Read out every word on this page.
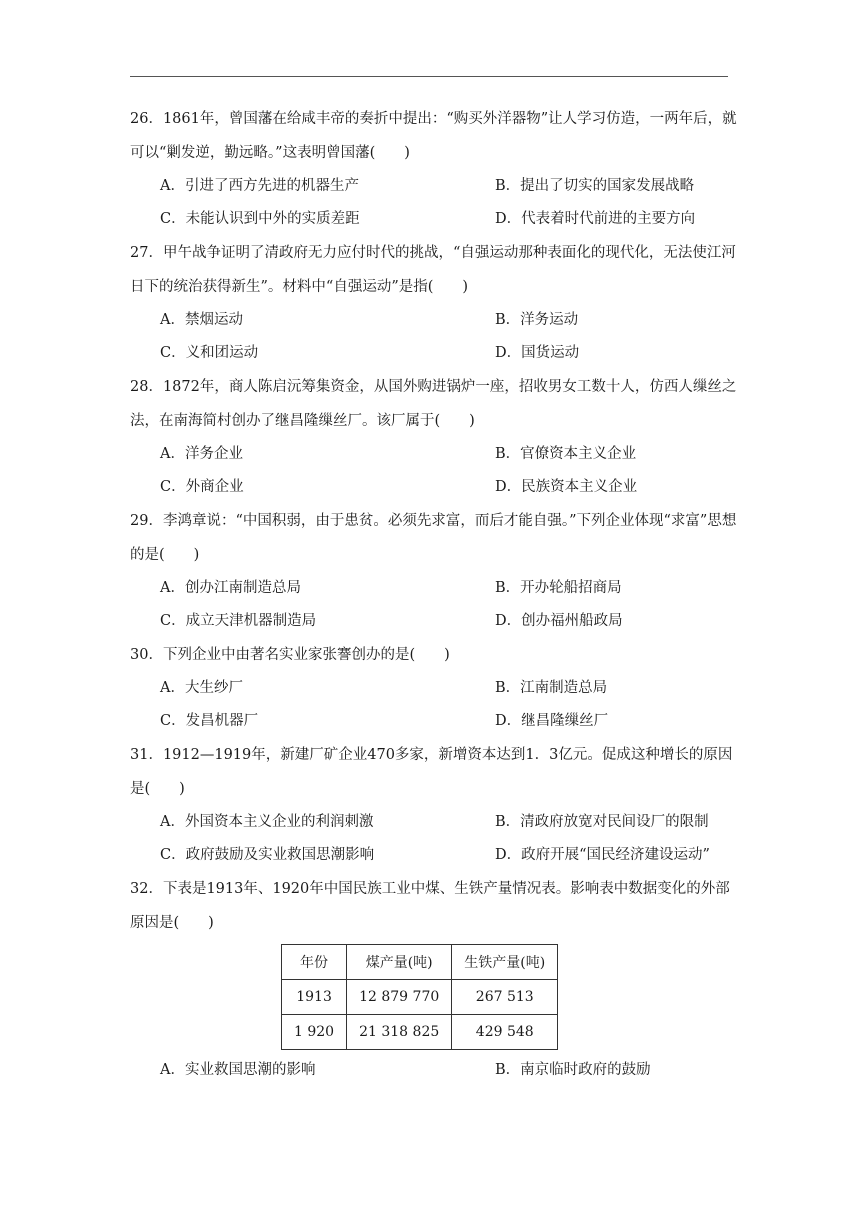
26．1861年，曾国藩在给咸丰帝的奏折中提出：“购买外洋器物”让人学习仿造，一两年后，就可以“剿发逆，勤远略。”这表明曾国藩(　　)

A．引进了西方先进的机器生产	B．提出了切实的国家发展战略
C．未能认识到中外的实质差距	D．代表着时代前进的主要方向

27．甲午战争证明了清政府无力应付时代的挑战，“自强运动那种表面化的现代化，无法使江河日下的统治获得新生”。材料中“自强运动”是指(　　)

A．禁烟运动	B．洋务运动
C．义和团运动	D．国货运动

28．1872年，商人陈启沅筹集资金，从国外购进锅炉一座，招收男女工数十人，仿西人缫丝之法，在南海简村创办了继昌隆缫丝厂。该厂属于(　　)

A．洋务企业	B．官僚资本主义企业
C．外商企业	D．民族资本主义企业

29．李鸿章说：“中国积弱，由于患贫。必须先求富，而后才能自强。”下列企业体现“求富”思想的是(　　)

A．创办江南制造总局	B．开办轮船招商局
C．成立天津机器制造局	D．创办福州船政局

30．下列企业中由著名实业家张謇创办的是(　　)

A．大生纱厂	B．江南制造总局
C．发昌机器厂	D．继昌隆缫丝厂

31．1912—1919年，新建厂矿企业470多家，新增资本达到1．3亿元。促成这种增长的原因是(　　)

A．外国资本主义企业的利润刺激	B．清政府放宽对民间设厂的限制
C．政府鼓励及实业救国思潮影响	D．政府开展“国民经济建设运动”

32．下表是1913年、1920年中国民族工业中煤、生铁产量情况表。影响表中数据变化的外部原因是(　　)

年份	煤产量(吨)	生铁产量(吨)
1913	12 879 770	267 513
1 920	21 318 825	429 548
A．实业救国思潮的影响	B．南京临时政府的鼓励
